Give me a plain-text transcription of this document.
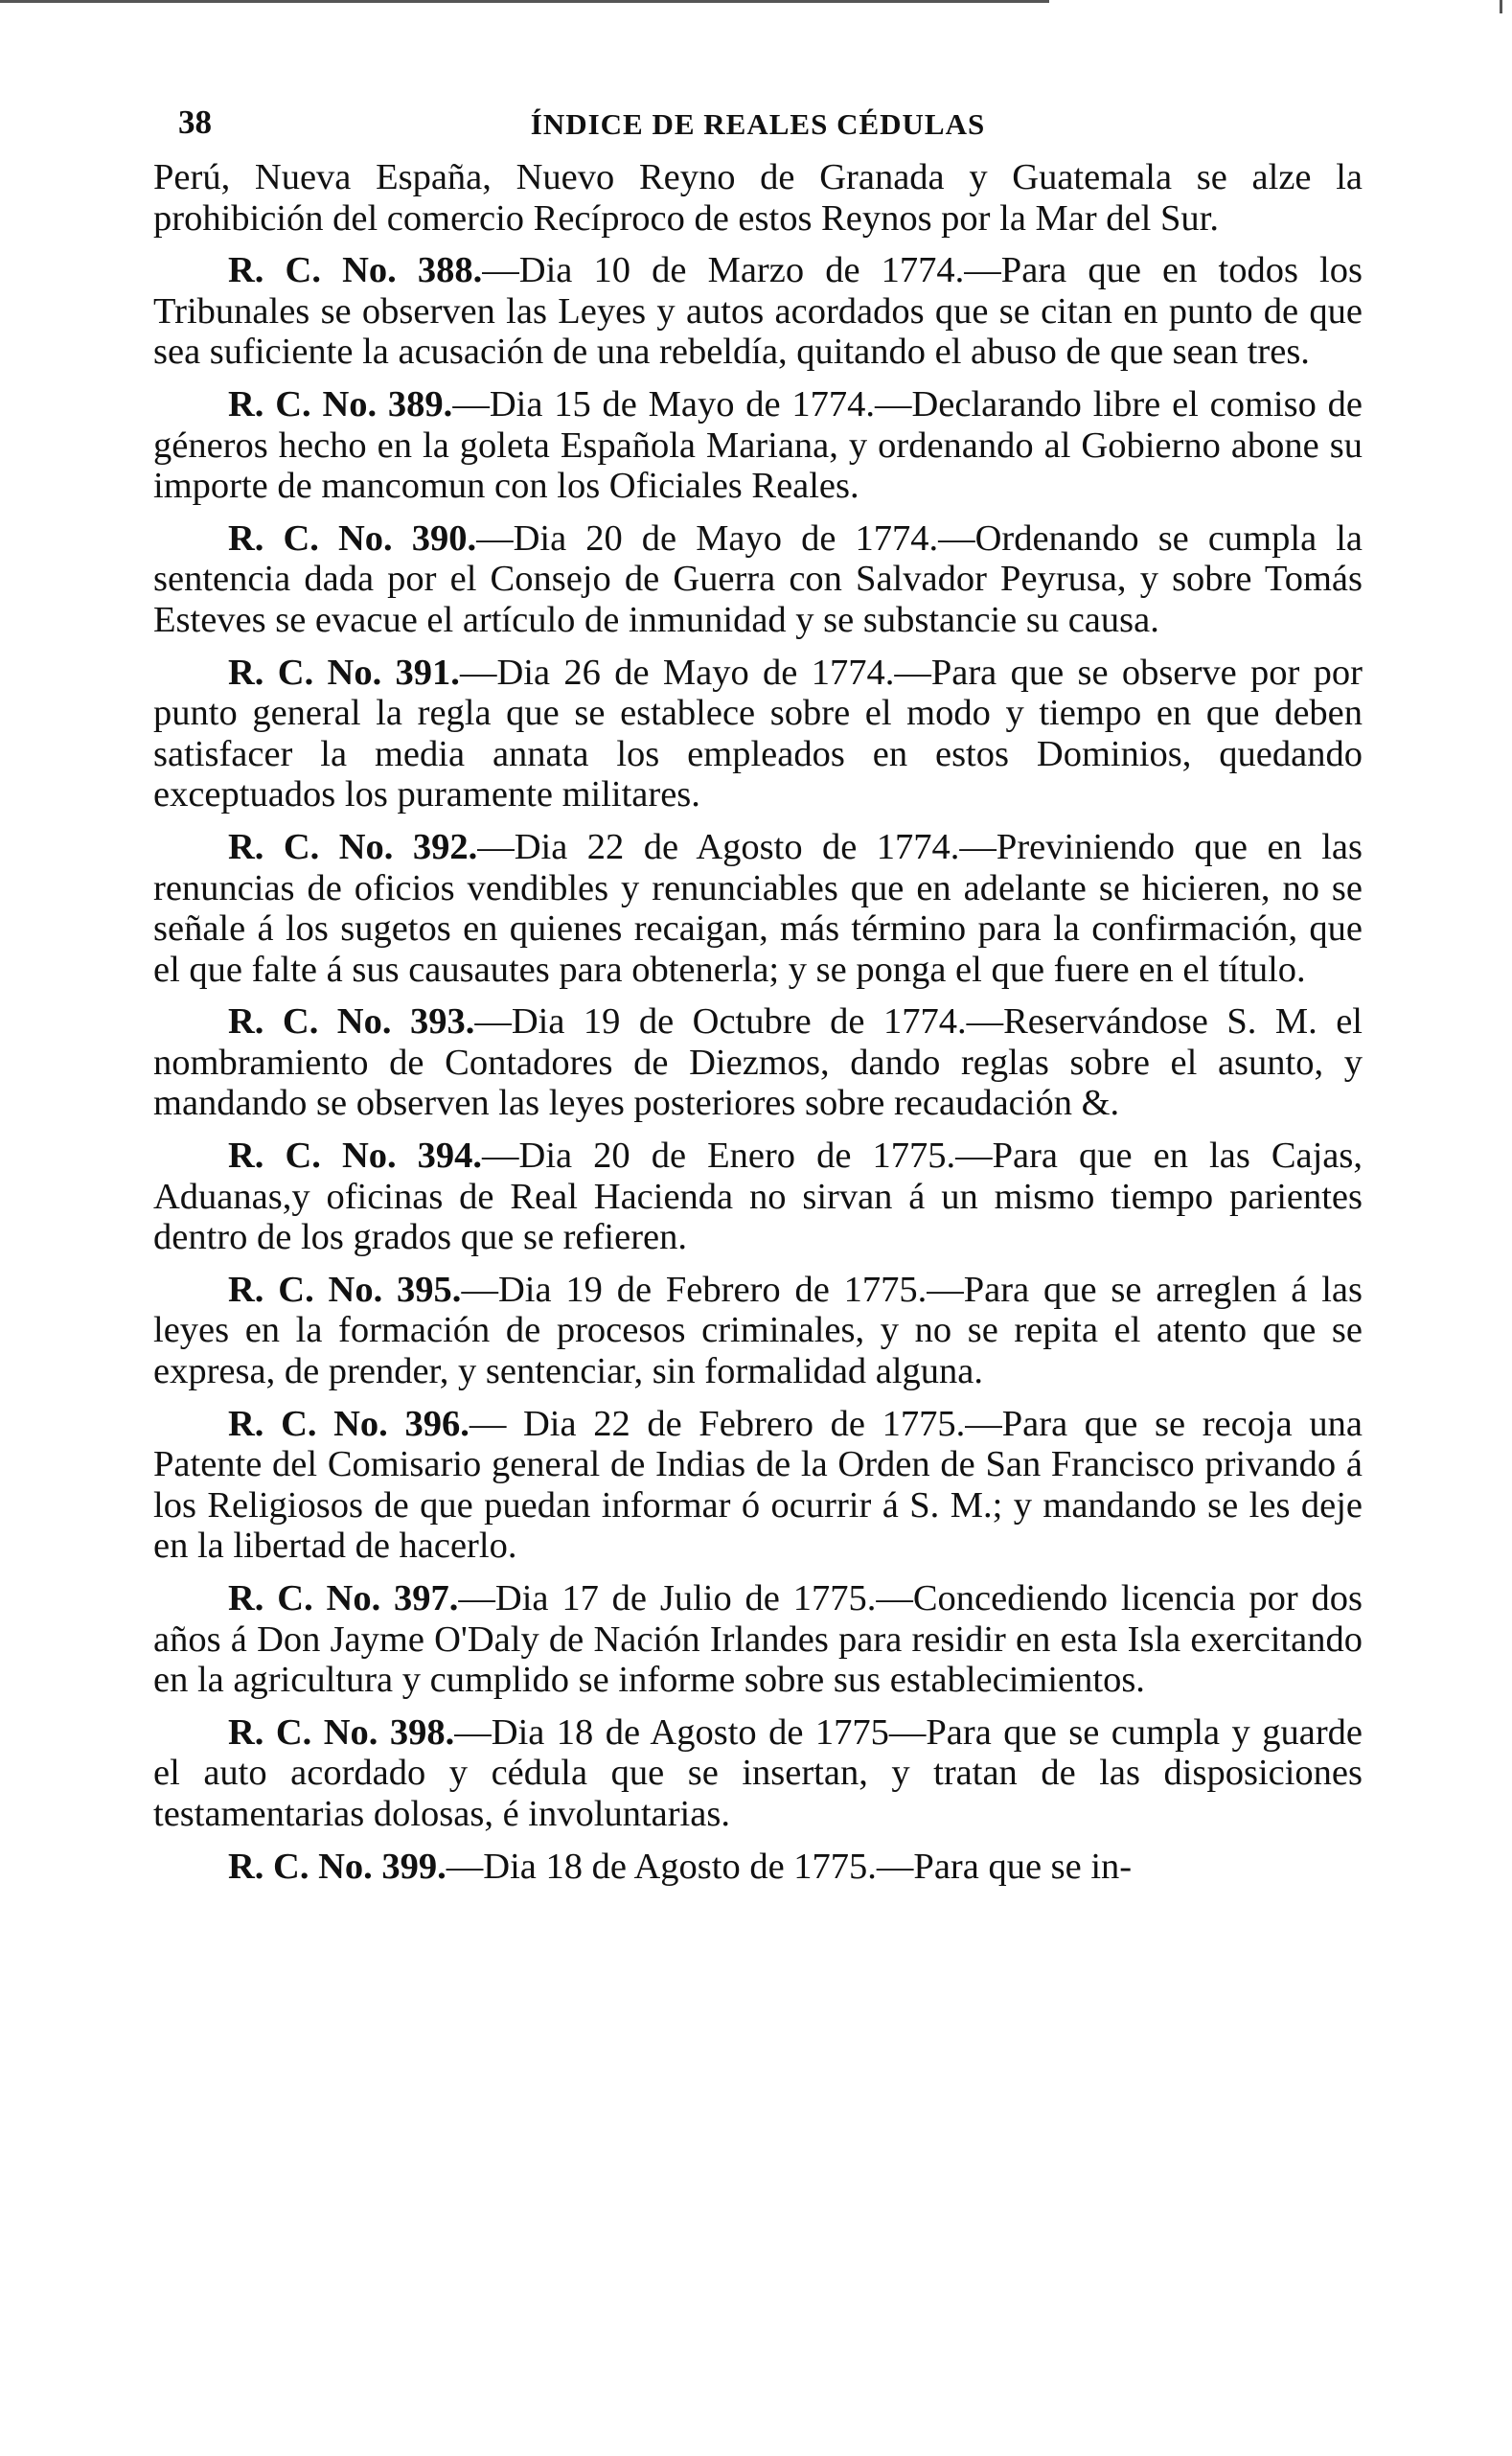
38	ÍNDICE DE REALES CÉDULAS

Perú, Nueva España, Nuevo Reyno de Granada y Guatemala se alze la prohibición del comercio Recíproco de estos Reynos por la Mar del Sur.

R. C. No. 388.—Dia 10 de Marzo de 1774.—Para que en todos los Tribunales se observen las Leyes y autos acordados que se citan en punto de que sea suficiente la acusación de una rebeldía, quitando el abuso de que sean tres.

R. C. No. 389.—Dia 15 de Mayo de 1774.—Declarando libre el comiso de géneros hecho en la goleta Española Mariana, y ordenando al Gobierno abone su importe de mancomun con los Oficiales Reales.

R. C. No. 390.—Dia 20 de Mayo de 1774.—Ordenando se cumpla la sentencia dada por el Consejo de Guerra con Salvador Peyrusa, y sobre Tomás Esteves se evacue el artículo de inmunidad y se substancie su causa.

R. C. No. 391.—Dia 26 de Mayo de 1774.—Para que se observe por por punto general la regla que se establece sobre el modo y tiempo en que deben satisfacer la media annata los empleados en estos Dominios, quedando exceptuados los puramente militares.

R. C. No. 392.—Dia 22 de Agosto de 1774.—Previniendo que en las renuncias de oficios vendibles y renunciables que en adelante se hicieren, no se señale á los sugetos en quienes recaigan, más término para la confirmación, que el que falte á sus causautes para obtenerla; y se ponga el que fuere en el título.

R. C. No. 393.—Dia 19 de Octubre de 1774.—Reservándose S. M. el nombramiento de Contadores de Diezmos, dando reglas sobre el asunto, y mandando se observen las leyes posteriores sobre recaudación &.

R. C. No. 394.—Dia 20 de Enero de 1775.—Para que en las Cajas, Aduanas,y oficinas de Real Hacienda no sirvan á un mismo tiempo parientes dentro de los grados que se refieren.

R. C. No. 395.—Dia 19 de Febrero de 1775.—Para que se arreglen á las leyes en la formación de procesos criminales, y no se repita el atento que se expresa, de prender, y sentenciar, sin formalidad alguna.

R. C. No. 396.— Dia 22 de Febrero de 1775.—Para que se recoja una Patente del Comisario general de Indias de la Orden de San Francisco privando á los Religiosos de que puedan informar ó ocurrir á S. M.; y mandando se les deje en la libertad de hacerlo.

R. C. No. 397.—Dia 17 de Julio de 1775.—Concediendo licencia por dos años á Don Jayme O'Daly de Nación Irlandes para residir en esta Isla exercitando en la agricultura y cumplido se informe sobre sus establecimientos.

R. C. No. 398.—Dia 18 de Agosto de 1775—Para que se cumpla y guarde el auto acordado y cédula que se insertan, y tratan de las disposiciones testamentarias dolosas, é involuntarias.

R. C. No. 399.—Dia 18 de Agosto de 1775.—Para que se in-
